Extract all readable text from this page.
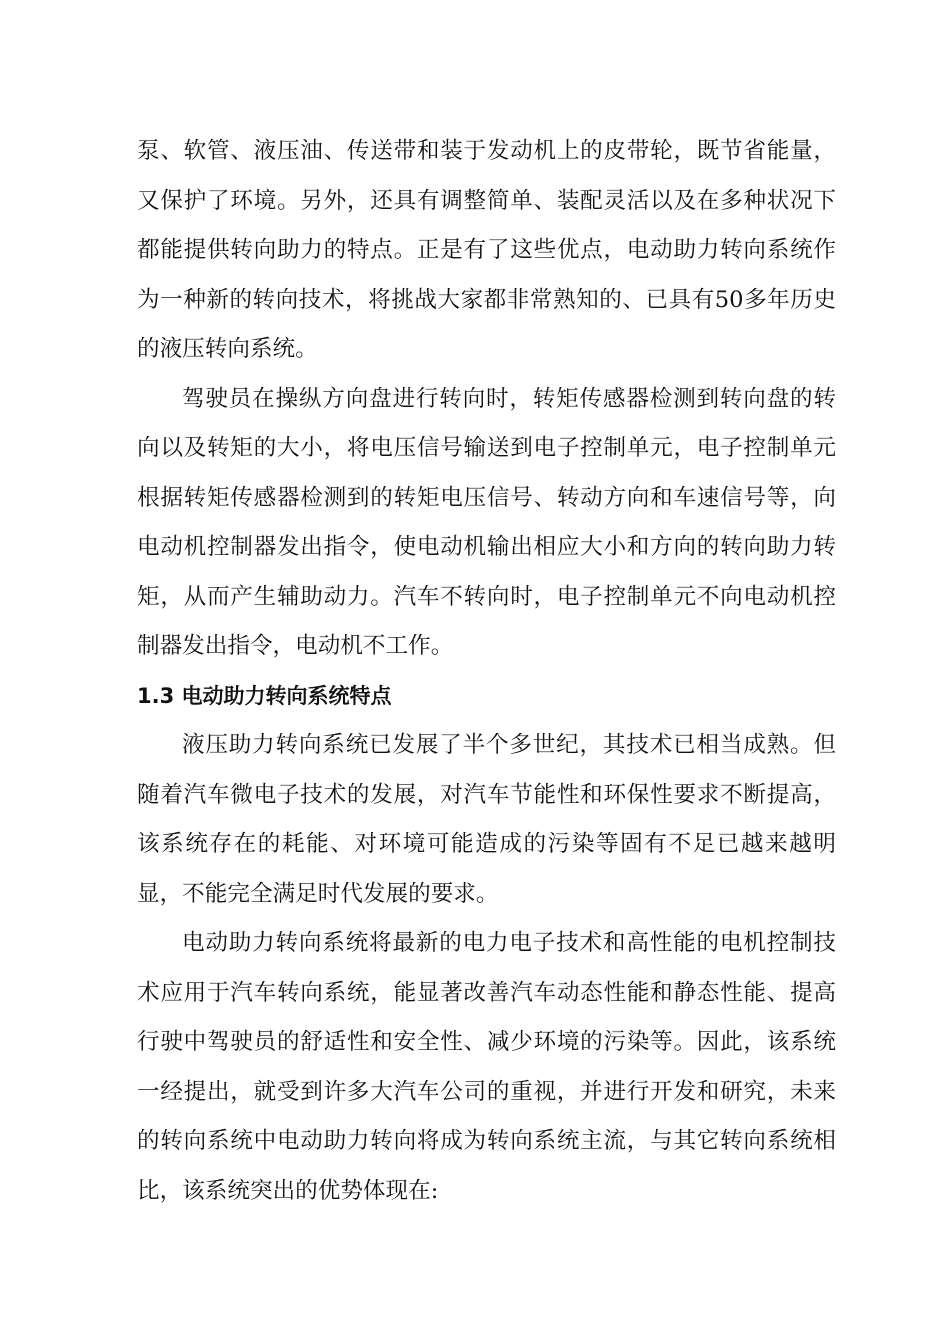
泵、软管、液压油、传送带和装于发动机上的皮带轮，既节省能量，又保护了环境。另外，还具有调整简单、装配灵活以及在多种状况下都能提供转向助力的特点。正是有了这些优点，电动助力转向系统作为一种新的转向技术，将挑战大家都非常熟知的、已具有50多年历史的液压转向系统。

驾驶员在操纵方向盘进行转向时，转矩传感器检测到转向盘的转向以及转矩的大小，将电压信号输送到电子控制单元，电子控制单元根据转矩传感器检测到的转矩电压信号、转动方向和车速信号等，向电动机控制器发出指令，使电动机输出相应大小和方向的转向助力转矩，从而产生辅助动力。汽车不转向时，电子控制单元不向电动机控制器发出指令，电动机不工作。

1.3 电动助力转向系统特点

液压助力转向系统已发展了半个多世纪，其技术已相当成熟。但随着汽车微电子技术的发展，对汽车节能性和环保性要求不断提高，该系统存在的耗能、对环境可能造成的污染等固有不足已越来越明显，不能完全满足时代发展的要求。

电动助力转向系统将最新的电力电子技术和高性能的电机控制技术应用于汽车转向系统，能显著改善汽车动态性能和静态性能、提高行驶中驾驶员的舒适性和安全性、减少环境的污染等。因此，该系统一经提出，就受到许多大汽车公司的重视，并进行开发和研究，未来的转向系统中电动助力转向将成为转向系统主流，与其它转向系统相比，该系统突出的优势体现在:
